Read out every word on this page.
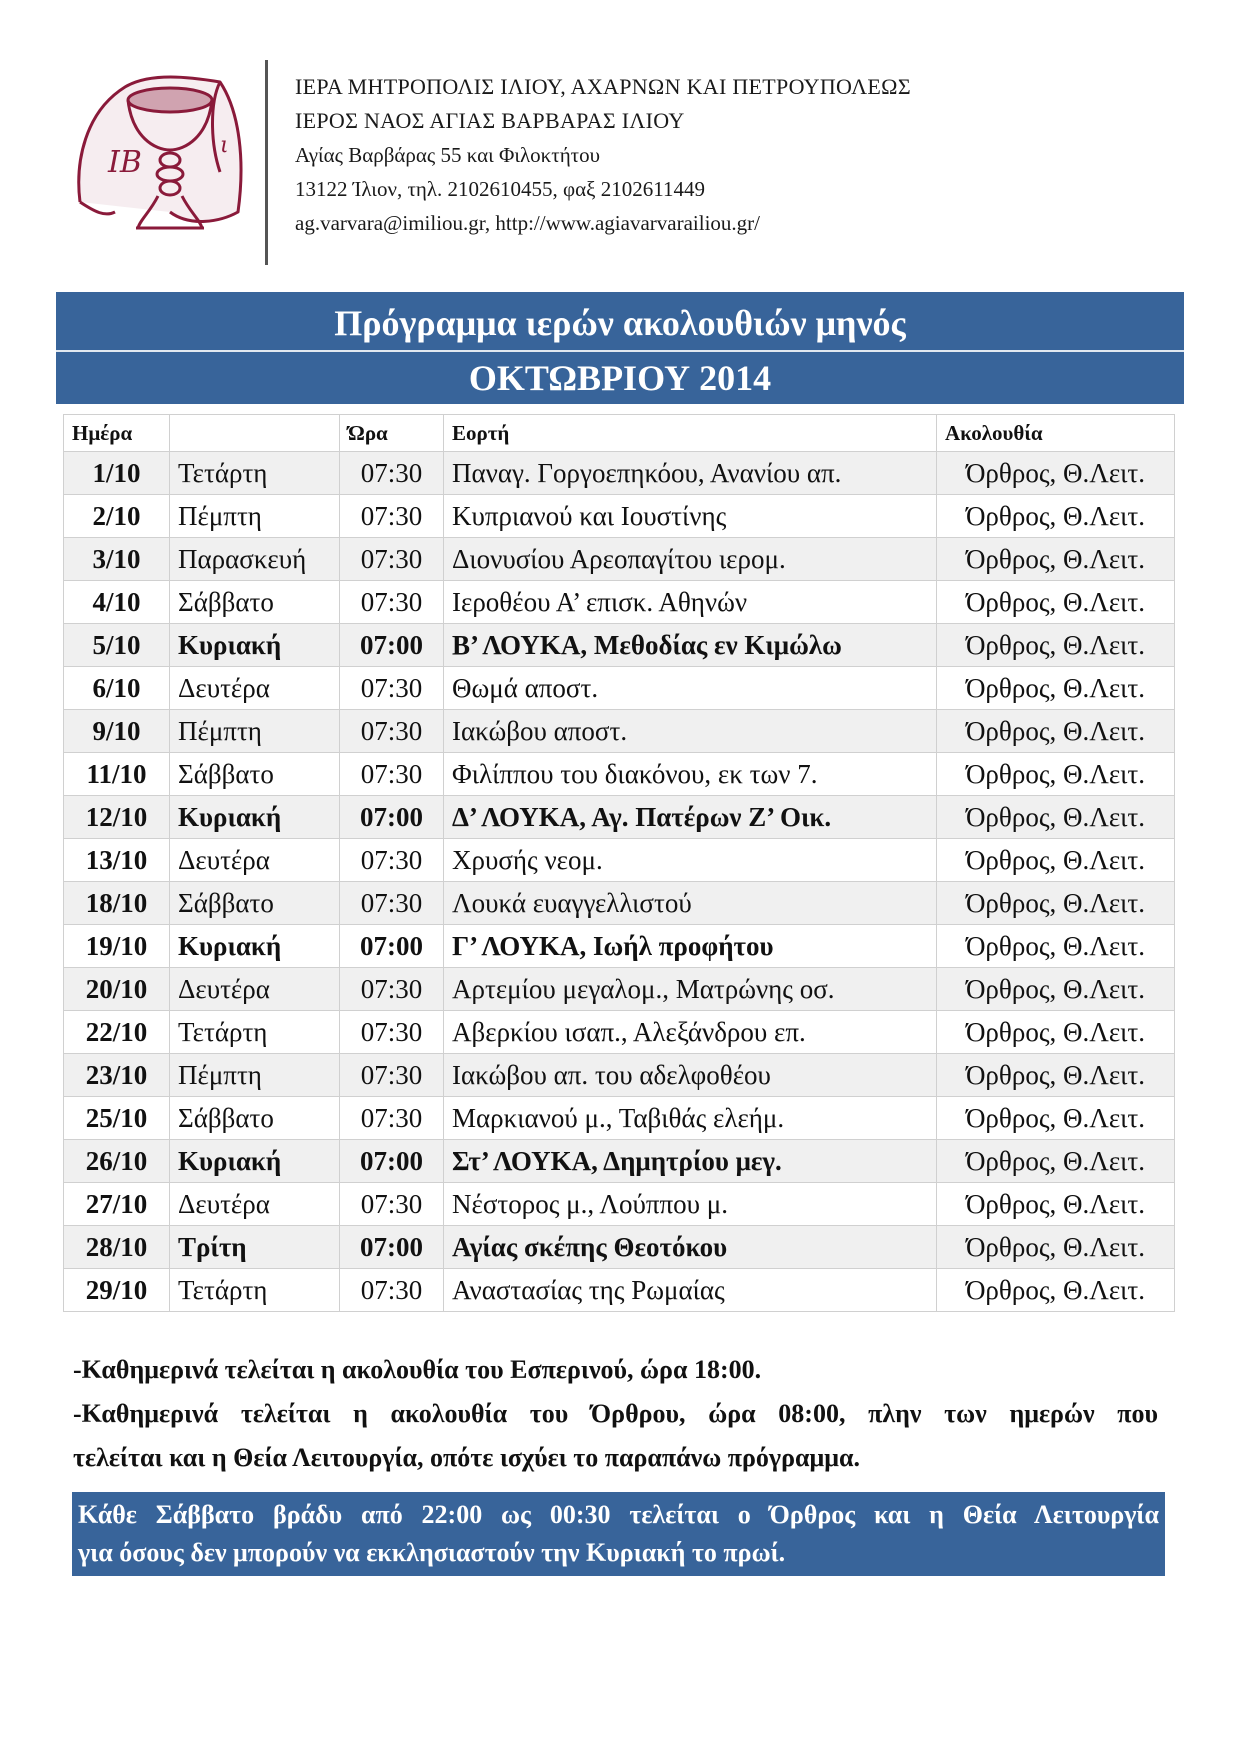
ΙΒ	ι
ΙΕΡΑ ΜΗΤΡΟΠΟΛΙΣ ΙΛΙΟΥ, ΑΧΑΡΝΩΝ ΚΑΙ ΠΕΤΡΟΥΠΟΛΕΩΣ
ΙΕΡΟΣ ΝΑΟΣ ΑΓΙΑΣ ΒΑΡΒΑΡΑΣ ΙΛΙΟΥ
Αγίας Βαρβάρας 55 και Φιλοκτήτου
13122 Ίλιον, τηλ. 2102610455, φαξ 2102611449
ag.varvara@imiliou.gr, http://www.agiavarvarailiou.gr/
Πρόγραμμα ιερών ακολουθιών μηνός
ΟΚΤΩΒΡΙΟΥ 2014
Ημέρα		Ώρα	Εορτή	Ακολουθία
1/10	Τετάρτη	07:30	Παναγ. Γοργοεπηκόου, Ανανίου απ.	Όρθρος, Θ.Λειτ.
2/10	Πέμπτη	07:30	Κυπριανού και Ιουστίνης	Όρθρος, Θ.Λειτ.
3/10	Παρασκευή	07:30	Διονυσίου Αρεοπαγίτου ιερομ.	Όρθρος, Θ.Λειτ.
4/10	Σάββατο	07:30	Ιεροθέου Α’ επισκ. Αθηνών	Όρθρος, Θ.Λειτ.
5/10	Κυριακή	07:00	Β’ ΛΟΥΚΑ, Μεθοδίας εν Κιμώλω	Όρθρος, Θ.Λειτ.
6/10	Δευτέρα	07:30	Θωμά αποστ.	Όρθρος, Θ.Λειτ.
9/10	Πέμπτη	07:30	Ιακώβου αποστ.	Όρθρος, Θ.Λειτ.
11/10	Σάββατο	07:30	Φιλίππου του διακόνου, εκ των 7.	Όρθρος, Θ.Λειτ.
12/10	Κυριακή	07:00	Δ’ ΛΟΥΚΑ, Αγ. Πατέρων Ζ’ Οικ.	Όρθρος, Θ.Λειτ.
13/10	Δευτέρα	07:30	Χρυσής νεομ.	Όρθρος, Θ.Λειτ.
18/10	Σάββατο	07:30	Λουκά ευαγγελλιστού	Όρθρος, Θ.Λειτ.
19/10	Κυριακή	07:00	Γ’ ΛΟΥΚΑ, Ιωήλ προφήτου	Όρθρος, Θ.Λειτ.
20/10	Δευτέρα	07:30	Αρτεμίου μεγαλομ., Ματρώνης οσ.	Όρθρος, Θ.Λειτ.
22/10	Τετάρτη	07:30	Αβερκίου ισαπ., Αλεξάνδρου επ.	Όρθρος, Θ.Λειτ.
23/10	Πέμπτη	07:30	Ιακώβου απ. του αδελφοθέου	Όρθρος, Θ.Λειτ.
25/10	Σάββατο	07:30	Μαρκιανού μ., Ταβιθάς ελεήμ.	Όρθρος, Θ.Λειτ.
26/10	Κυριακή	07:00	Στ’ ΛΟΥΚΑ, Δημητρίου μεγ.	Όρθρος, Θ.Λειτ.
27/10	Δευτέρα	07:30	Νέστορος μ., Λούππου μ.	Όρθρος, Θ.Λειτ.
28/10	Τρίτη	07:00	Αγίας σκέπης Θεοτόκου	Όρθρος, Θ.Λειτ.
29/10	Τετάρτη	07:30	Αναστασίας της Ρωμαίας	Όρθρος, Θ.Λειτ.
-Καθημερινά τελείται η ακολουθία του Εσπερινού, ώρα 18:00.
-Καθημερινά τελείται η ακολουθία του Όρθρου, ώρα 08:00, πλην των ημερών που
τελείται και η Θεία Λειτουργία, οπότε ισχύει το παραπάνω πρόγραμμα.
Κάθε Σάββατο βράδυ από 22:00 ως 00:30 τελείται ο Όρθρος και η Θεία Λειτουργία
για όσους δεν μπορούν να εκκλησιαστούν την Κυριακή το πρωί.
